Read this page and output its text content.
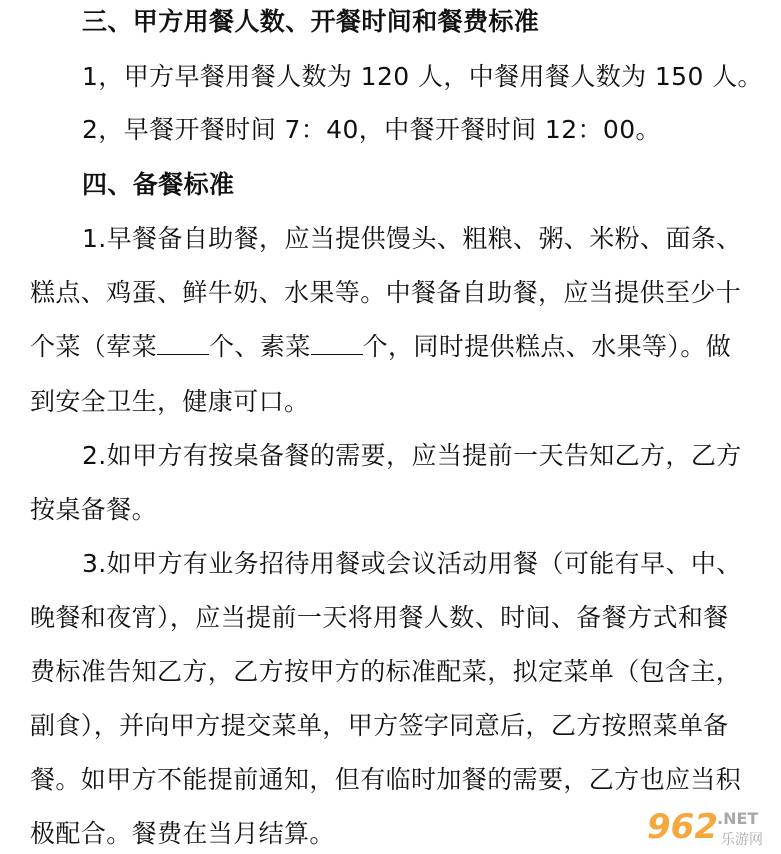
三、甲方用餐人数、开餐时间和餐费标准
1，甲方早餐用餐人数为 120 人，中餐用餐人数为 150 人。
2，早餐开餐时间 7：40，中餐开餐时间 12：00。
四、备餐标准
1.早餐备自助餐，应当提供馒头、粗粮、粥、米粉、面条、
糕点、鸡蛋、鲜牛奶、水果等。中餐备自助餐，应当提供至少十
个菜（荤菜 个、素菜 个，同时提供糕点、水果等）。做
到安全卫生，健康可口。
2.如甲方有按桌备餐的需要，应当提前一天告知乙方，乙方
按桌备餐。
3.如甲方有业务招待用餐或会议活动用餐（可能有早、中、
晚餐和夜宵），应当提前一天将用餐人数、时间、备餐方式和餐
费标准告知乙方，乙方按甲方的标准配菜，拟定菜单（包含主，
副食），并向甲方提交菜单，甲方签字同意后，乙方按照菜单备
餐。如甲方不能提前通知，但有临时加餐的需要，乙方也应当积
极配合。餐费在当月结算。	962 .NET
乐游网
